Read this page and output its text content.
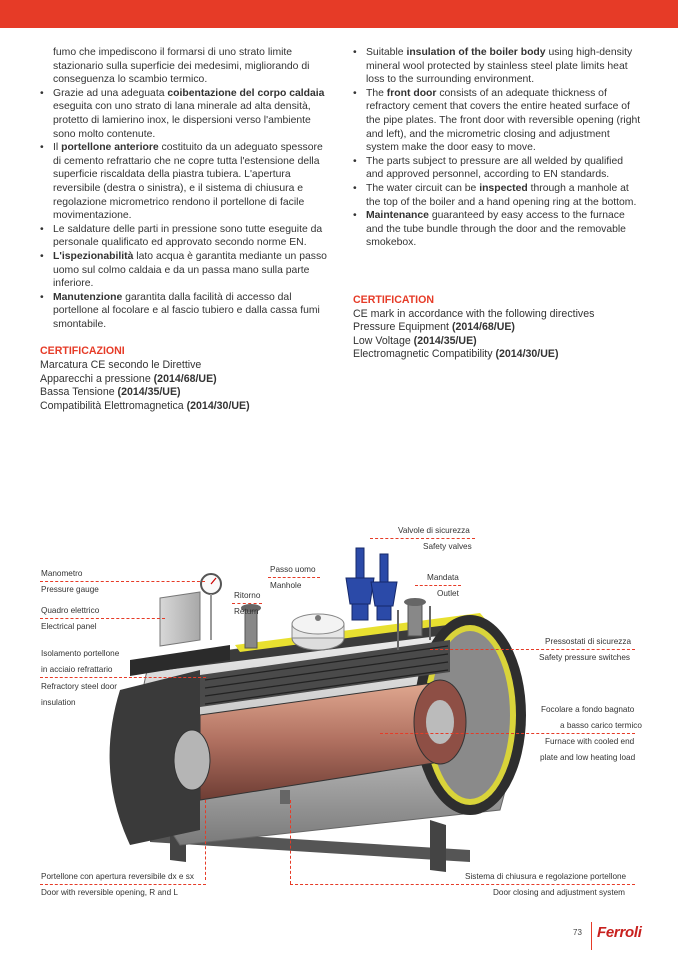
fumo che impediscono il formarsi di uno strato limite stazionario sulla superficie dei medesimi, migliorando di conseguenza lo scambio termico.
• Grazie ad una adeguata coibentazione del corpo caldaia eseguita con uno strato di lana minerale ad alta densità, protetto di lamierino inox, le dispersioni verso l'ambiente sono molto contenute.
• Il portellone anteriore costituito da un adeguato spessore di cemento refrattario che ne copre tutta l'estensione della superficie riscaldata della piastra tubiera. L'apertura reversibile (destra o sinistra), e il sistema di chiusura e regolazione micrometrico rendono il portellone di facile movimentazione.
• Le saldature delle parti in pressione sono tutte eseguite da personale qualificato ed approvato secondo norme EN.
• L'ispezionabilità lato acqua è garantita mediante un passo uomo sul colmo caldaia e da un passa mano sulla parte inferiore.
• Manutenzione garantita dalla facilità di accesso dal portellone al focolare e al fascio tubiero e dalla cassa fumi smontabile.
CERTIFICAZIONI
Marcatura CE secondo le Direttive
Apparecchi a pressione (2014/68/UE)
Bassa Tensione (2014/35/UE)
Compatibilità Elettromagnetica (2014/30/UE)
• Suitable insulation of the boiler body using high-density mineral wool protected by stainless steel plate limits heat loss to the surrounding environment.
• The front door consists of an adequate thickness of refractory cement that covers the entire heated surface of the pipe plates. The front door with reversible opening (right and left), and the micrometric closing and adjustment system make the door easy to move.
• The parts subject to pressure are all welded by qualified and approved personnel, according to EN standards.
• The water circuit can be inspected through a manhole at the top of the boiler and a hand opening ring at the bottom.
• Maintenance guaranteed by easy access to the furnace and the tube bundle through the door and the removable smokebox.
CERTIFICATION
CE mark in accordance with the following directives
Pressure Equipment (2014/68/UE)
Low Voltage (2014/35/UE)
Electromagnetic Compatibility (2014/30/UE)
Valvole di sicurezza
Safety valves
Manometro
Pressure gauge
Passo uomo
Manhole
Mandata
Outlet
Ritorno
Return
Quadro elettrico
Electrical panel
Pressostati di sicurezza
Safety pressure switches
Isolamento portellone
in acciaio refrattario
Refractory steel door
insulation
Focolare a fondo bagnato
a basso carico termico
Furnace with cooled end
plate and low heating load
Portellone con apertura reversibile dx e sx
Door with reversible opening, R and L
Sistema di chiusura e regolazione portellone
Door closing and adjustment system
73 Ferroli
